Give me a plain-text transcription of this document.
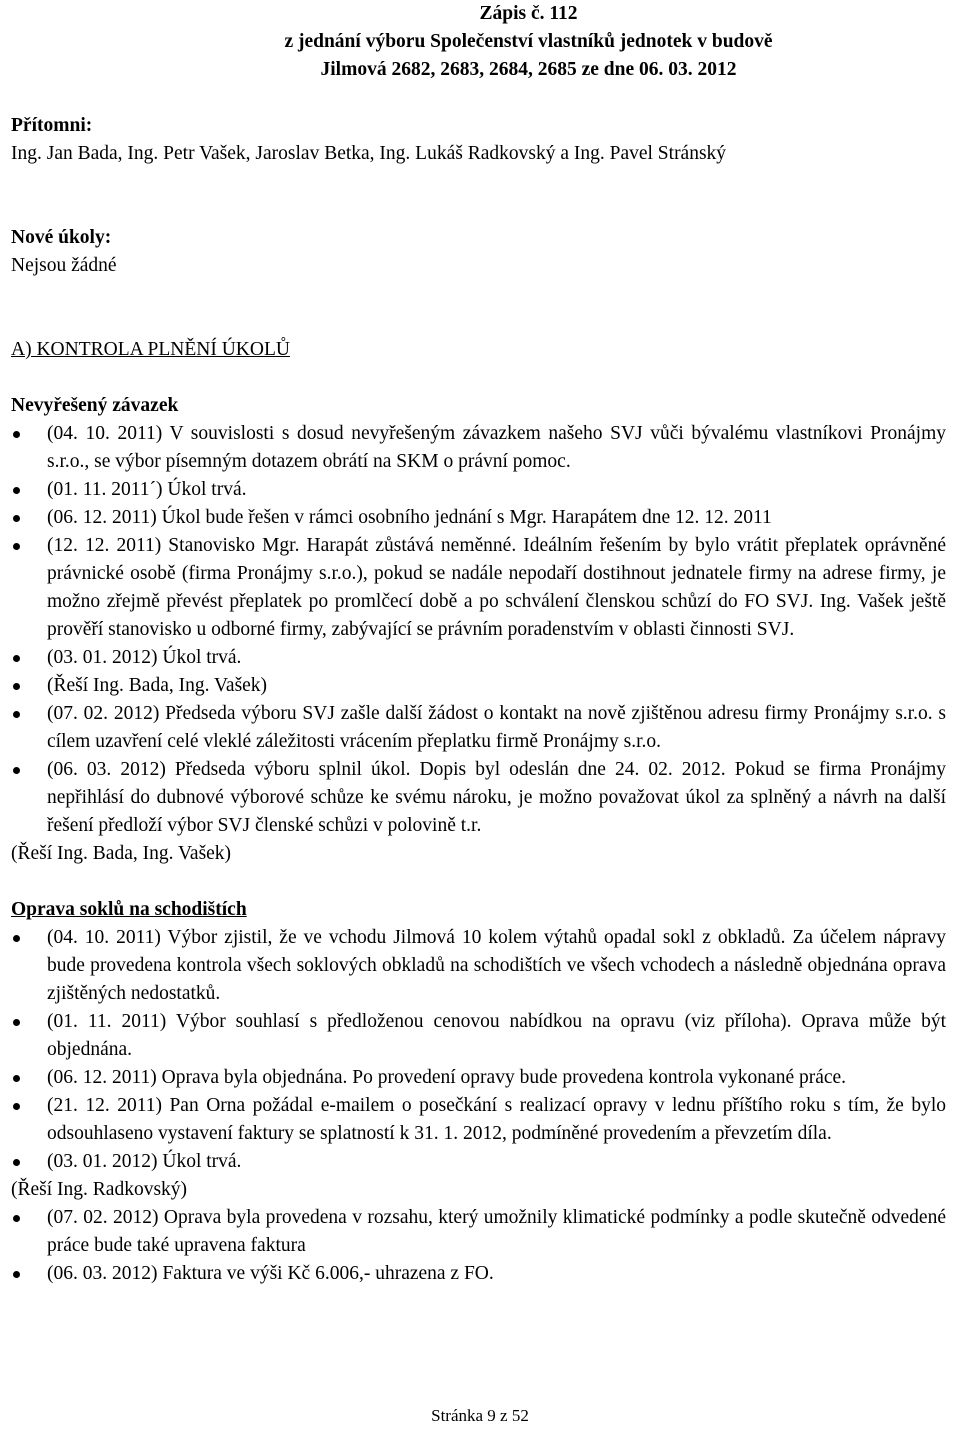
Zápis č. 112
z jednání výboru Společenství vlastníků jednotek v budově
Jilmová 2682, 2683, 2684, 2685 ze dne 06. 03. 2012
Přítomni:
Ing. Jan Bada, Ing. Petr Vašek, Jaroslav Betka, Ing. Lukáš Radkovský a Ing. Pavel Stránský
Nové úkoly:
Nejsou žádné
A) KONTROLA PLNĚNÍ ÚKOLŮ
Nevyřešený závazek
(04. 10. 2011) V souvislosti s dosud nevyřešeným závazkem našeho SVJ vůči bývalému vlastníkovi Pronájmy s.r.o., se výbor písemným dotazem obrátí na SKM o právní pomoc.
(01. 11. 2011´) Úkol trvá.
(06. 12. 2011) Úkol bude řešen v rámci osobního jednání s Mgr. Harapátem dne 12. 12. 2011
(12. 12. 2011) Stanovisko Mgr. Harapát zůstává neměnné. Ideálním řešením by bylo vrátit přeplatek oprávněné právnické osobě (firma Pronájmy s.r.o.), pokud se nadále nepodaří dostihnout jednatele firmy na adrese firmy, je možno zřejmě převést přeplatek po promlčecí době a po schválení členskou schůzí do FO SVJ. Ing. Vašek ještě prověří stanovisko u odborné firmy, zabývající se právním poradenstvím v oblasti činnosti SVJ.
(03. 01. 2012) Úkol trvá.
(Řeší Ing. Bada, Ing. Vašek)
(07. 02. 2012) Předseda výboru SVJ zašle další žádost o kontakt na nově zjištěnou adresu firmy Pronájmy s.r.o. s cílem uzavření celé vleklé záležitosti vrácením přeplatku firmě Pronájmy s.r.o.
(06. 03. 2012) Předseda výboru splnil úkol. Dopis byl odeslán dne 24. 02. 2012. Pokud se firma Pronájmy nepřihlásí do dubnové výborové schůze ke svému nároku, je možno považovat úkol za splněný a návrh na další řešení předloží výbor SVJ členské schůzi v polovině t.r.
(Řeší Ing. Bada, Ing. Vašek)
Oprava soklů na schodištích
(04. 10. 2011) Výbor zjistil, že ve vchodu Jilmová 10 kolem výtahů opadal sokl z obkladů. Za účelem nápravy bude provedena kontrola všech soklových obkladů na schodištích ve všech vchodech a následně objednána oprava zjištěných nedostatků.
(01. 11. 2011) Výbor souhlasí s předloženou cenovou nabídkou na opravu (viz příloha). Oprava může být objednána.
(06. 12. 2011) Oprava byla objednána. Po provedení opravy bude provedena kontrola vykonané práce.
(21. 12. 2011) Pan Orna požádal e-mailem o posečkání s realizací opravy v lednu příštího roku s tím, že bylo odsouhlaseno vystavení faktury se splatností k 31. 1. 2012, podmíněné provedením a převzetím díla.
(03. 01. 2012) Úkol trvá.
(Řeší Ing. Radkovský)
(07. 02. 2012) Oprava byla provedena v rozsahu, který umožnily klimatické podmínky a podle skutečně odvedené práce bude také upravena faktura
(06. 03. 2012) Faktura ve výši Kč 6.006,- uhrazena z FO.
Stránka 9 z 52
